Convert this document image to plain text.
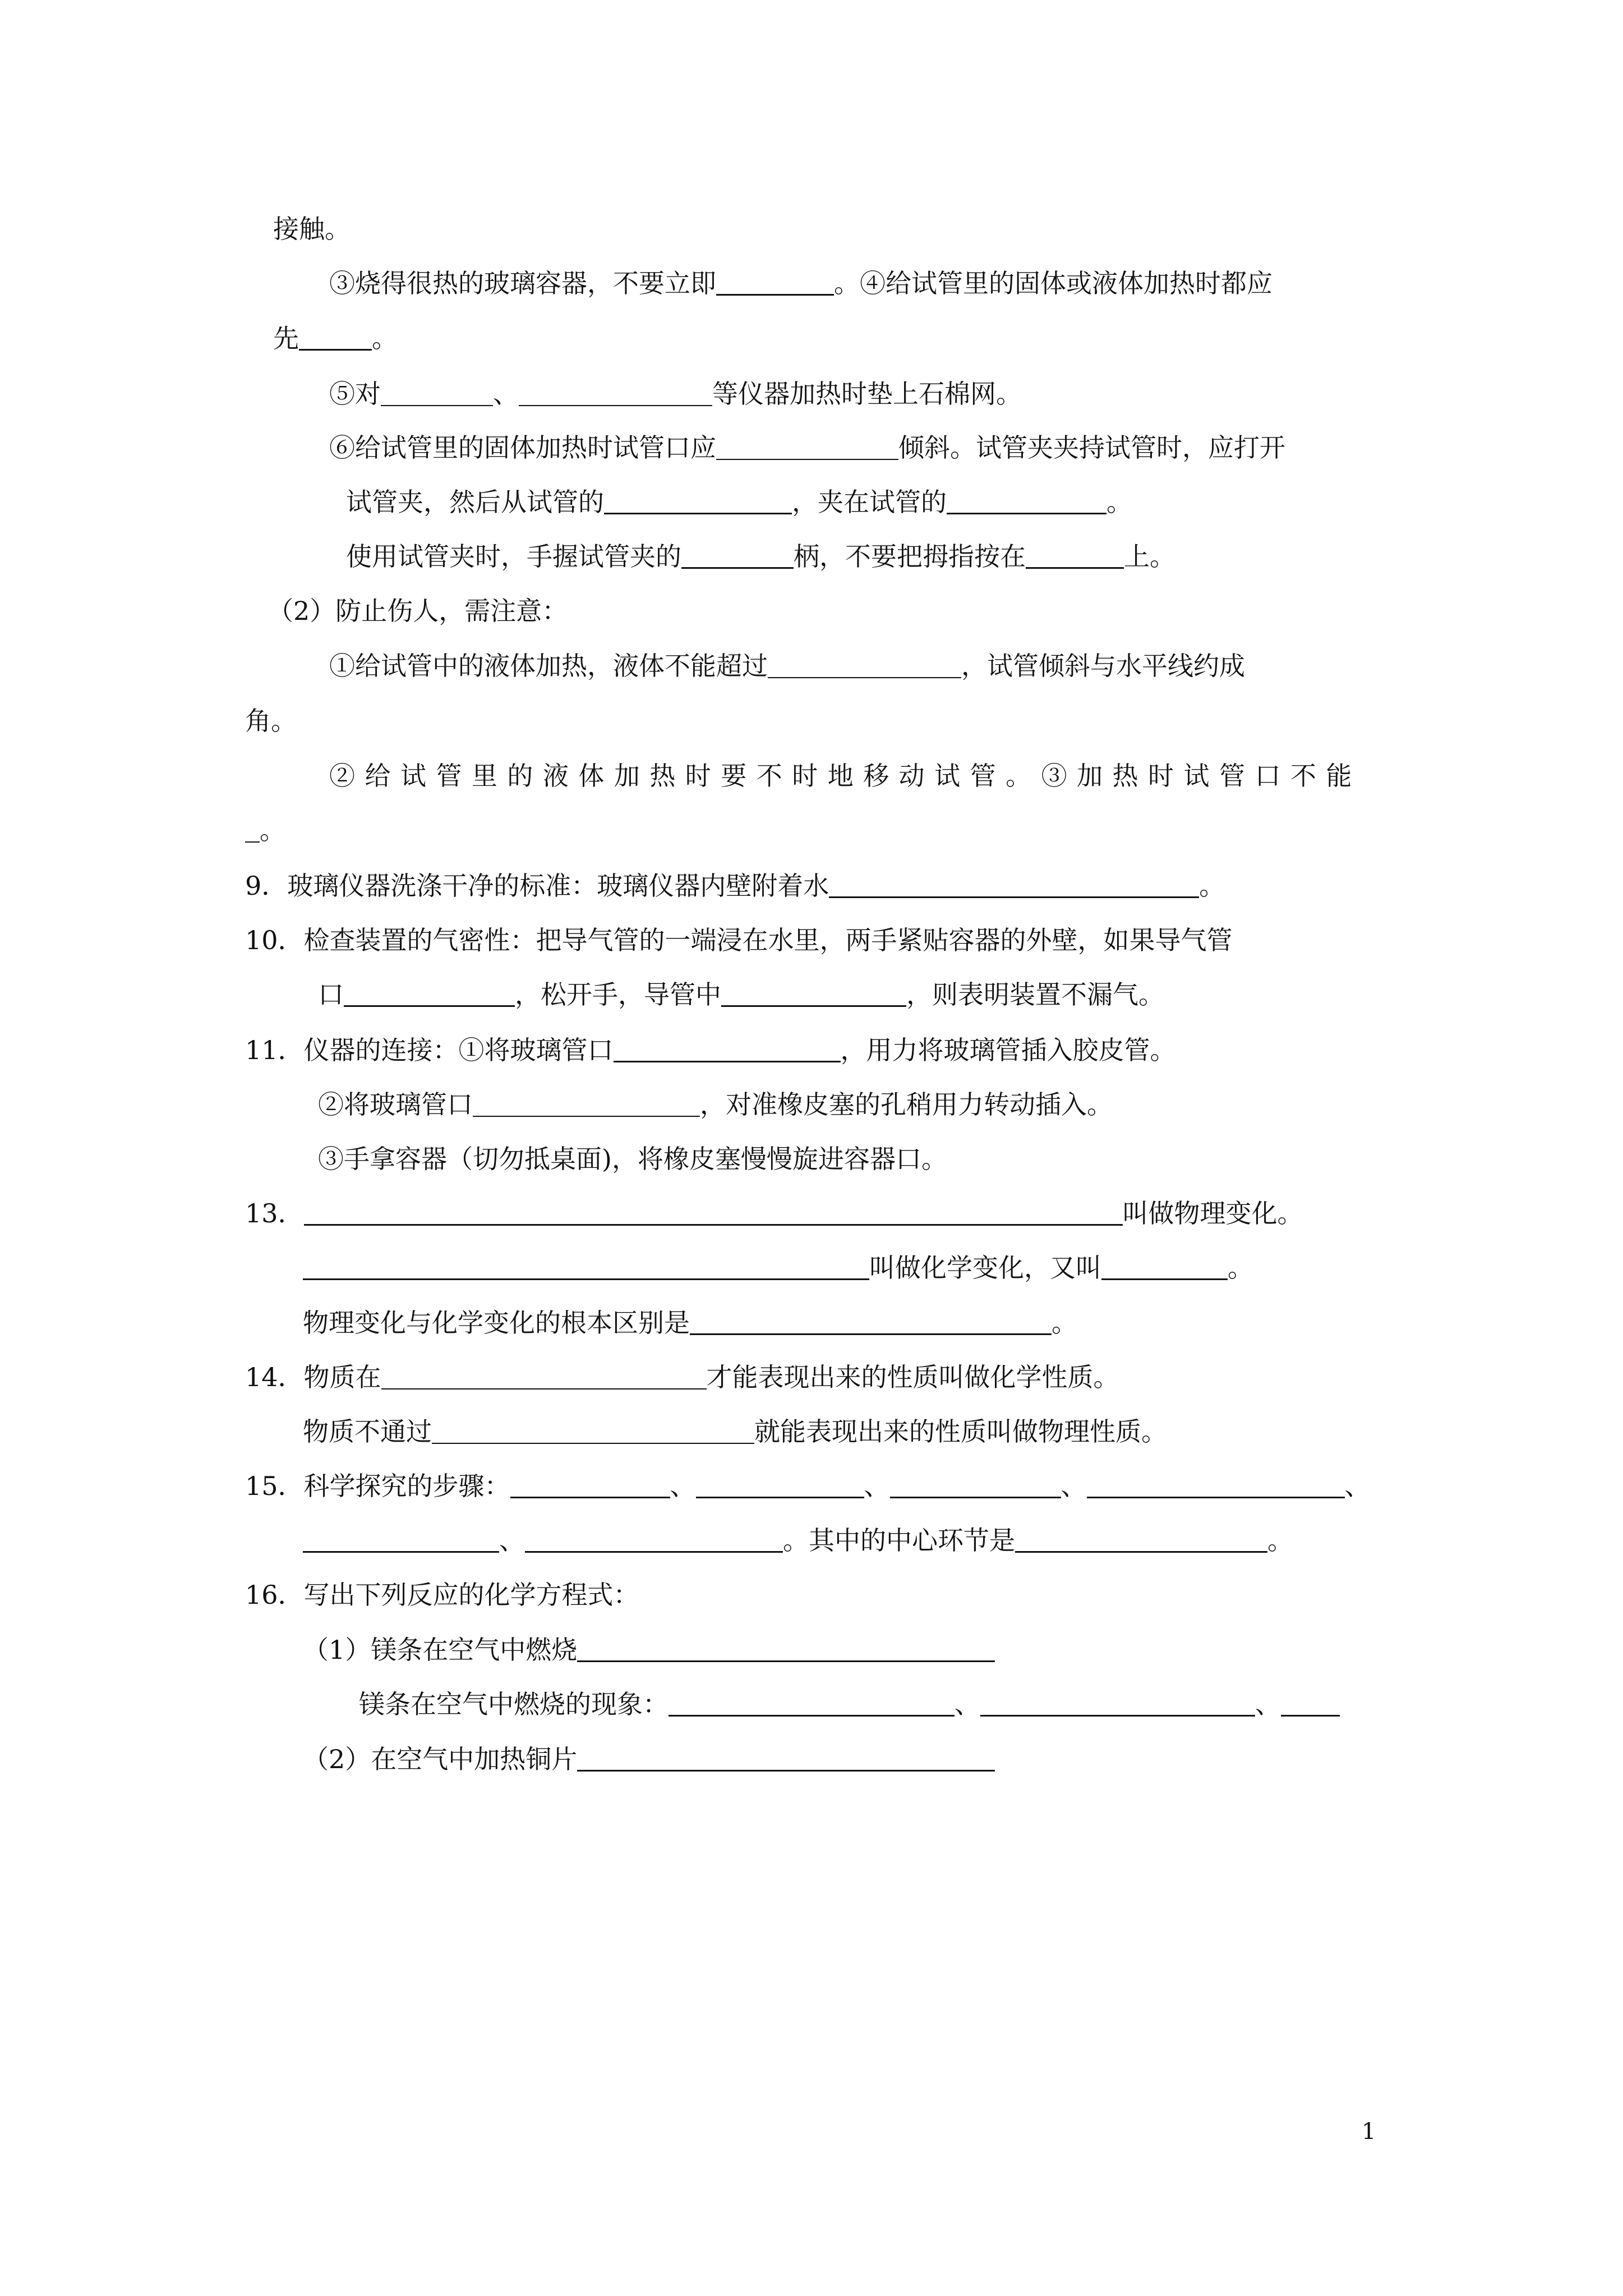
接触。
③烧得很热的玻璃容器，不要立即	。④给试管里的固体或液体加热时都应
先	。
⑤对	、	等仪器加热时垫上石棉网。
⑥给试管里的固体加热时试管口应	倾斜。试管夹夹持试管时，应打开
试管夹，然后从试管的	，夹在试管的	。
使用试管夹时，手握试管夹的	柄，不要把拇指按在	上。
（2）防止伤人，需注意：
①给试管中的液体加热，液体不能超过	，试管倾斜与水平线约成
角。
②给试管里的液体加热时要不时地移动试管。③加热时试管口不能
。
9．玻璃仪器洗涤干净的标准：玻璃仪器内壁附着水	。
10．检查装置的气密性：把导气管的一端浸在水里，两手紧贴容器的外壁，如果导气管
口	，松开手，导管中	，则表明装置不漏气。
11．仪器的连接：①将玻璃管口	，用力将玻璃管插入胶皮管。
②将玻璃管口	，对准橡皮塞的孔稍用力转动插入。
③手拿容器（切勿抵桌面)，将橡皮塞慢慢旋进容器口。
13．	叫做物理变化。
叫做化学变化，又叫	。
物理变化与化学变化的根本区别是	。
14．物质在	才能表现出来的性质叫做化学性质。
物质不通过	就能表现出来的性质叫做物理性质。
15．科学探究的步骤：	、	、	、	、
、	。其中的中心环节是	。
16．写出下列反应的化学方程式：
（1）镁条在空气中燃烧
镁条在空气中燃烧的现象：	、	、
（2）在空气中加热铜片
1
